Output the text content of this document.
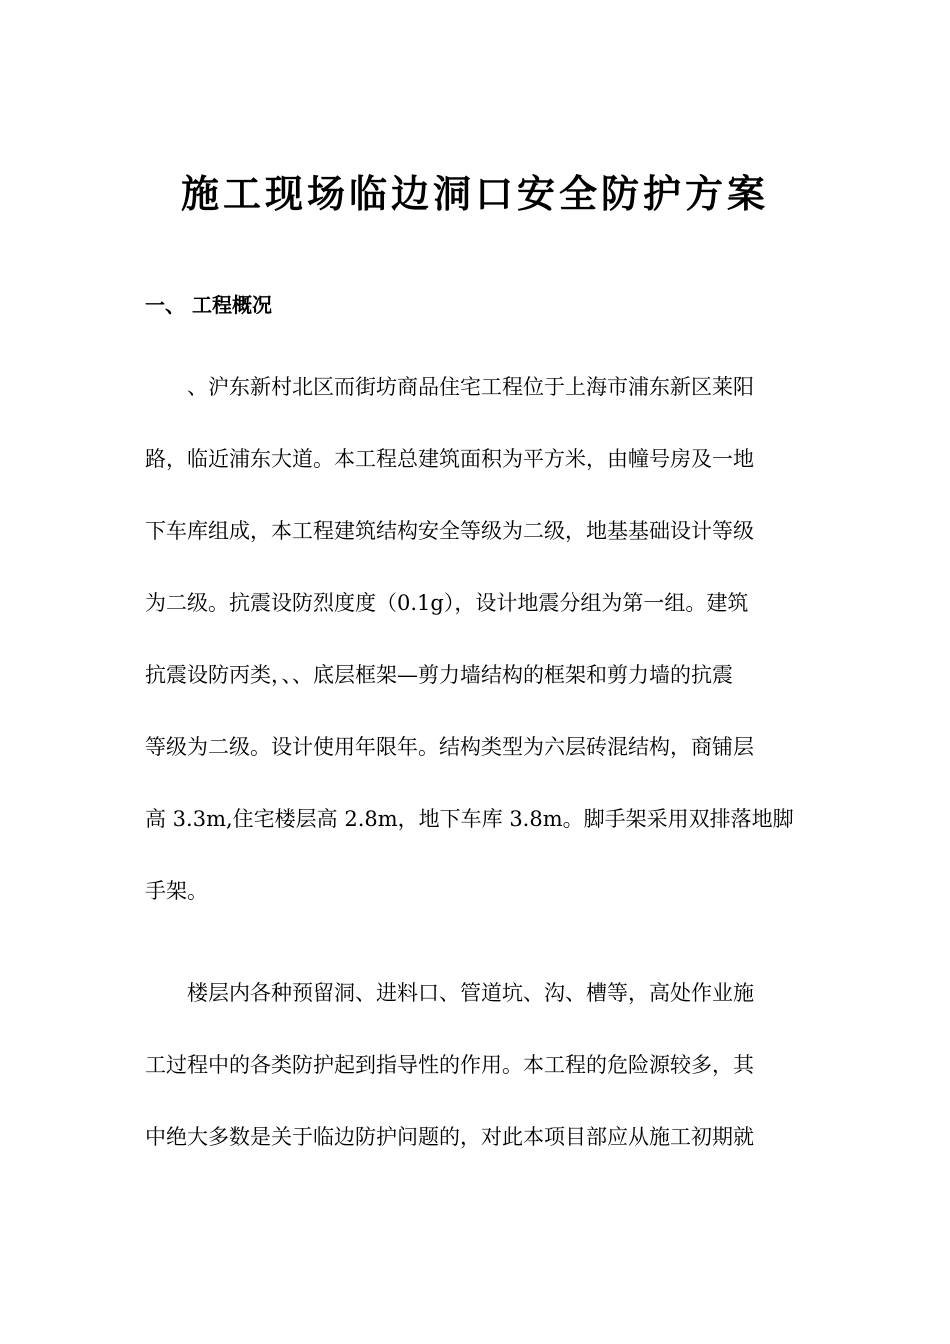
施工现场临边洞口安全防护方案
一、 工程概况
、沪东新村北区而街坊商品住宅工程位于上海市浦东新区莱阳
路，临近浦东大道。本工程总建筑面积为平方米，由幢号房及一地
下车库组成，本工程建筑结构安全等级为二级，地基基础设计等级
为二级。抗震设防烈度度（0.1g），设计地震分组为第一组。建筑
抗震设防丙类，、、底层框架—剪力墙结构的框架和剪力墙的抗震
等级为二级。设计使用年限年。结构类型为六层砖混结构，商铺层
高 3.3m,住宅楼层高 2.8m，地下车库 3.8m。脚手架采用双排落地脚
手架。
楼层内各种预留洞、进料口、管道坑、沟、槽等，高处作业施
工过程中的各类防护起到指导性的作用。本工程的危险源较多，其
中绝大多数是关于临边防护问题的，对此本项目部应从施工初期就
